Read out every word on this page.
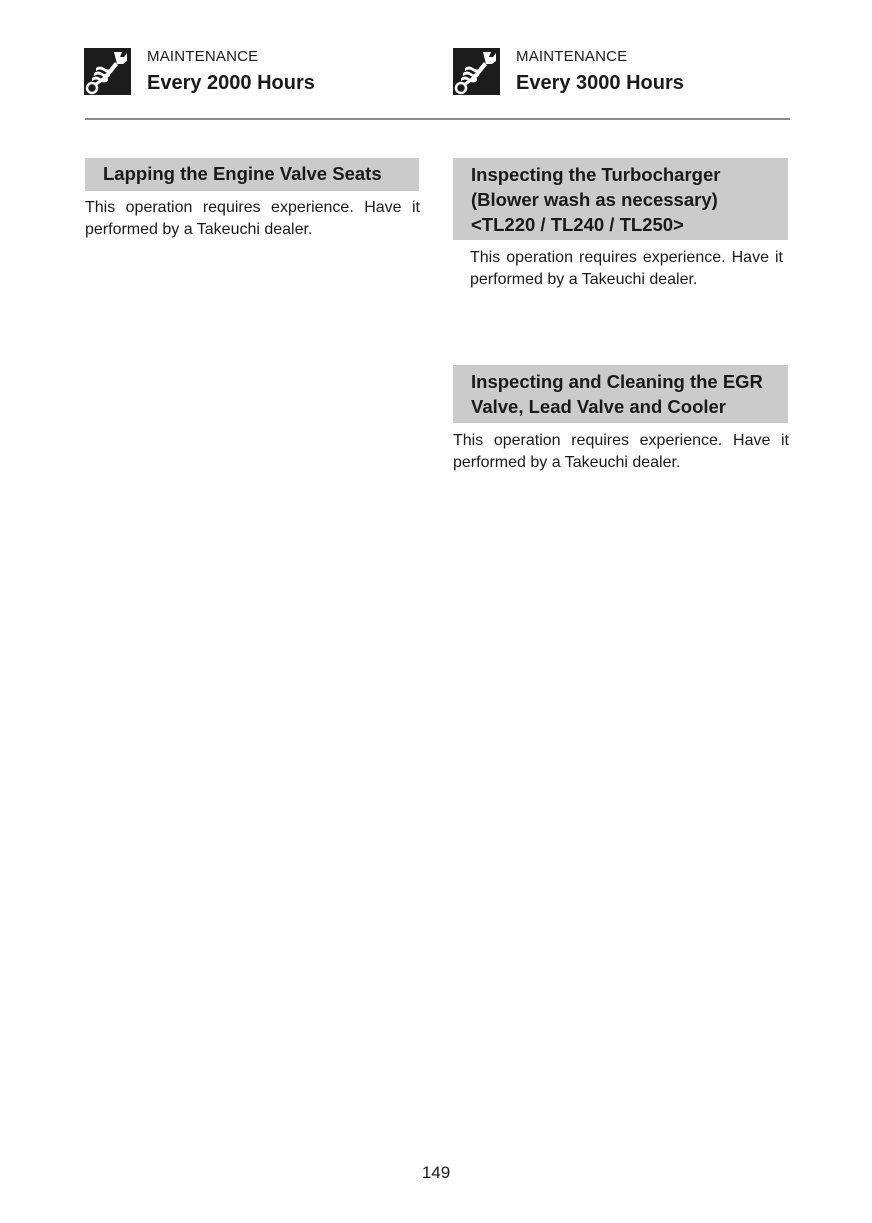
MAINTENANCE
Every 2000 Hours
MAINTENANCE
Every 3000 Hours
Lapping the Engine Valve Seats
This operation requires experience. Have it performed by a Takeuchi dealer.
Inspecting the Turbocharger
(Blower wash as necessary)
<TL220 / TL240 / TL250>
This operation requires experience. Have it performed by a Takeuchi dealer.
Inspecting and Cleaning the EGR
Valve, Lead Valve and Cooler
This operation requires experience. Have it performed by a Takeuchi dealer.
149
